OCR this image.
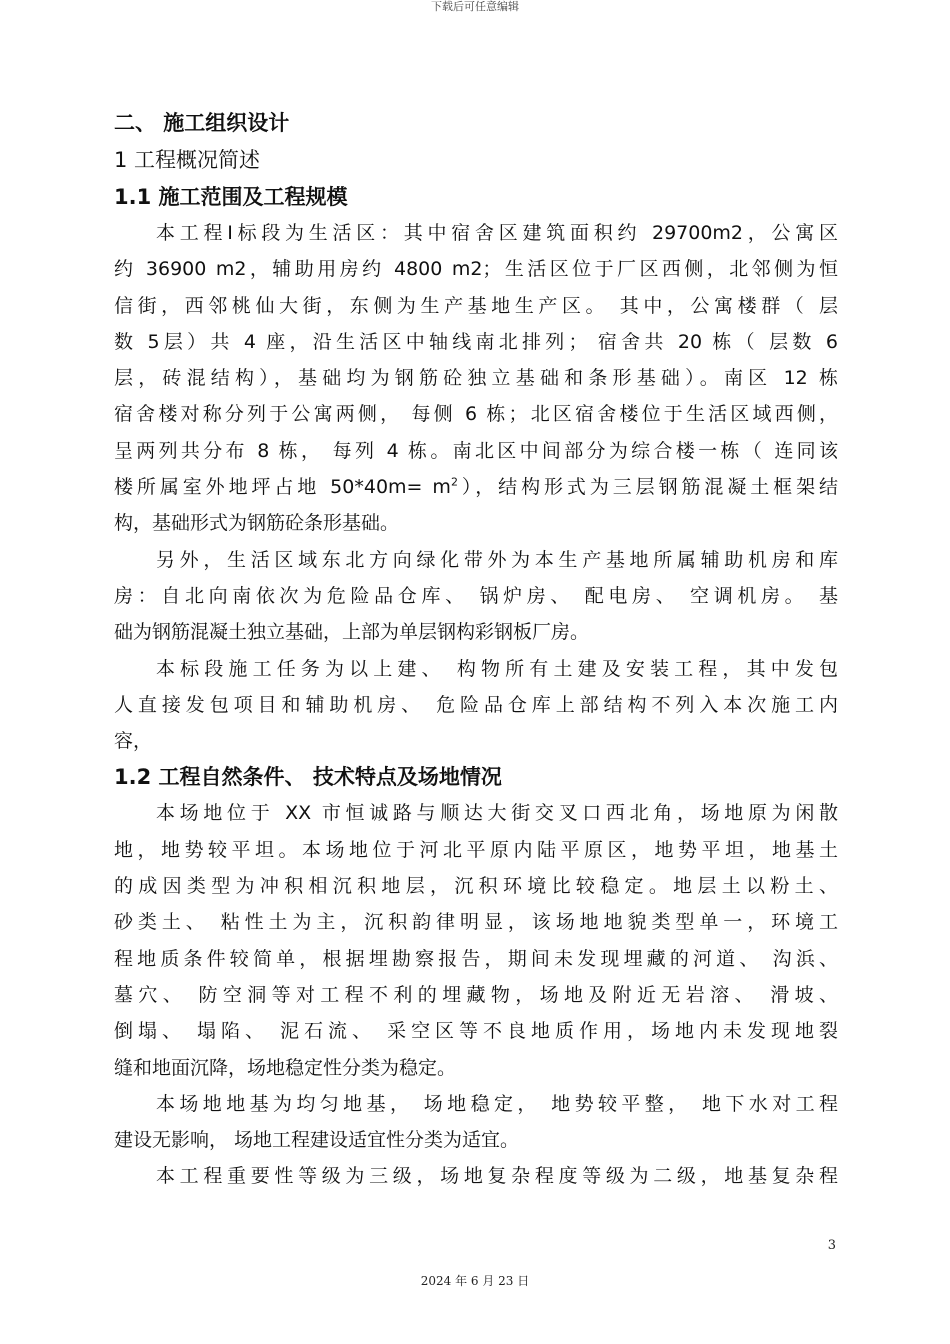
下载后可任意编辑
二、 施工组织设计
1 工程概况简述
1.1 施工范围及工程规模
本工程Ⅰ标段为生活区：其中宿舍区建筑面积约 29700m2，公寓区
约 36900 m2，辅助用房约 4800 m2；生活区位于厂区西侧，北邻侧为恒
信街，西邻桃仙大街，东侧为生产基地生产区。 其中，公寓楼群（ 层
数 5层）共 4 座，沿生活区中轴线南北排列； 宿舍共 20 栋（ 层数 6
层，砖混结构），基础均为钢筋砼独立基础和条形基础）。南区 12 栋
宿舍楼对称分列于公寓两侧， 每侧 6 栋；北区宿舍楼位于生活区域西侧，
呈两列共分布 8 栋， 每列 4 栋。南北区中间部分为综合楼一栋（ 连同该
楼所属室外地坪占地 $50*40m= m^2$），结构形式为三层钢筋混凝土框架结
构，基础形式为钢筋砼条形基础。
另外，生活区域东北方向绿化带外为本生产基地所属辅助机房和库
房：自北向南依次为危险品仓库、 锅炉房、 配电房、 空调机房。 基
础为钢筋混凝土独立基础，上部为单层钢构彩钢板厂房。
本标段施工任务为以上建、 构物所有土建及安装工程，其中发包
人直接发包项目和辅助机房、 危险品仓库上部结构不列入本次施工内
容，
1.2 工程自然条件、 技术特点及场地情况
本场地位于 XX 市恒诚路与顺达大街交叉口西北角，场地原为闲散
地，地势较平坦。本场地位于河北平原内陆平原区，地势平坦，地基土
的成因类型为冲积相沉积地层，沉积环境比较稳定。地层土以粉土、
砂类土、 粘性土为主，沉积韵律明显，该场地地貌类型单一，环境工
程地质条件较简单，根据埋勘察报告，期间未发现埋藏的河道、 沟浜、
墓穴、 防空洞等对工程不利的埋藏物，场地及附近无岩溶、 滑坡、
倒塌、 塌陷、 泥石流、 采空区等不良地质作用，场地内未发现地裂
缝和地面沉降，场地稳定性分类为稳定。
本场地地基为均匀地基， 场地稳定， 地势较平整， 地下水对工程
建设无影响， 场地工程建设适宜性分类为适宜。
本工程重要性等级为三级，场地复杂程度等级为二级，地基复杂程
3
2024 年 6 月 23 日
